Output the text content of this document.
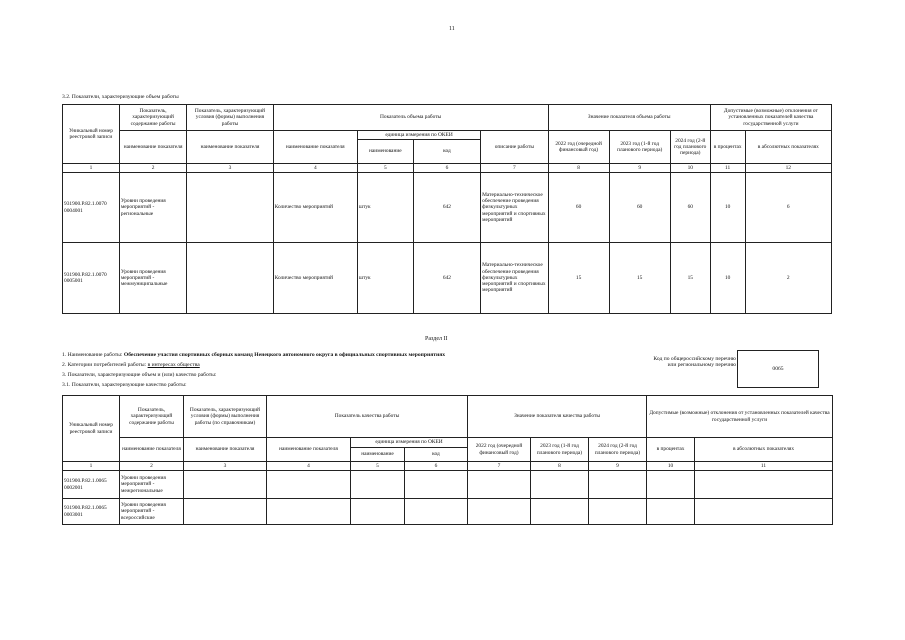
11
3.2. Показатели, характеризующие объем работы
Уникальный номер реестровой записи	Показатель, характеризующий содержание работы	Показатель, характеризующий условия (формы) выполнения работы	Показатель объема работы				Значение показателя объема работы			Допустимые (возможные) отклонения от установленных показателей качества государственной услуги	
	наименование показателя	наименование показателя	наименование показателя	единица измерения по ОКЕИ		описание работы	2022 год (очередной финансовый год)	2023 год (1-й год планового периода)	2024 год (2-й год планового периода)	в процентах	в абсолютных показателях
				наименование	код						
1	2	3	4	5	6	7	8	9	10	11	12
931900.Р.82.1.0070 0004001	Уровни проведения мероприятий - региональные		Количество мероприятий	штук	642	Материально-техническое обеспечение проведения физкультурных мероприятий и спортивных мероприятий	60	60	60	10	6
931900.Р.82.1.0070 0005001	Уровни проведения мероприятий - межмуниципальные		Количество мероприятий	штук	642	Материально-техническое обеспечение проведения физкультурных мероприятий и спортивных мероприятий	15	15	15	10	2
Раздел II
1. Наименование работы: Обеспечение участия спортивных сборных команд Ненецкого автономного округа в официальных спортивных мероприятиях
2. Категории потребителей работы: в интересах общества
3. Показатели, характеризующие объем и (или) качество работы:
3.1. Показатели, характеризующие качество работы:
Код по общероссийскому перечню или региональному перечню
0065
Уникальный номер реестровой записи	Показатель, характеризующий содержание работы	Показатель, характеризующий условия (формы) выполнения работы (по справочникам)	Показатель качества работы			Значение показателя качества работы			Допустимые (возможные) отклонения от установленных показателей качества государственной услуги	
	наименование показателя	наименование показателя	наименование показателя	единица измерения по ОКЕИ		2022 год (очередной финансовый год)	2023 год (1-й год планового периода)	2024 год (2-й год планового периода)	в процентах	в абсолютных показателях
				наименование	код					
1	2	3	4	5	6	7	8	9	10	11
931900.Р.82.1.0065 0002001	Уровни проведения мероприятий - межрегиональные									
931900.Р.82.1.0065 0003001	Уровни проведения мероприятий - всероссийские									
